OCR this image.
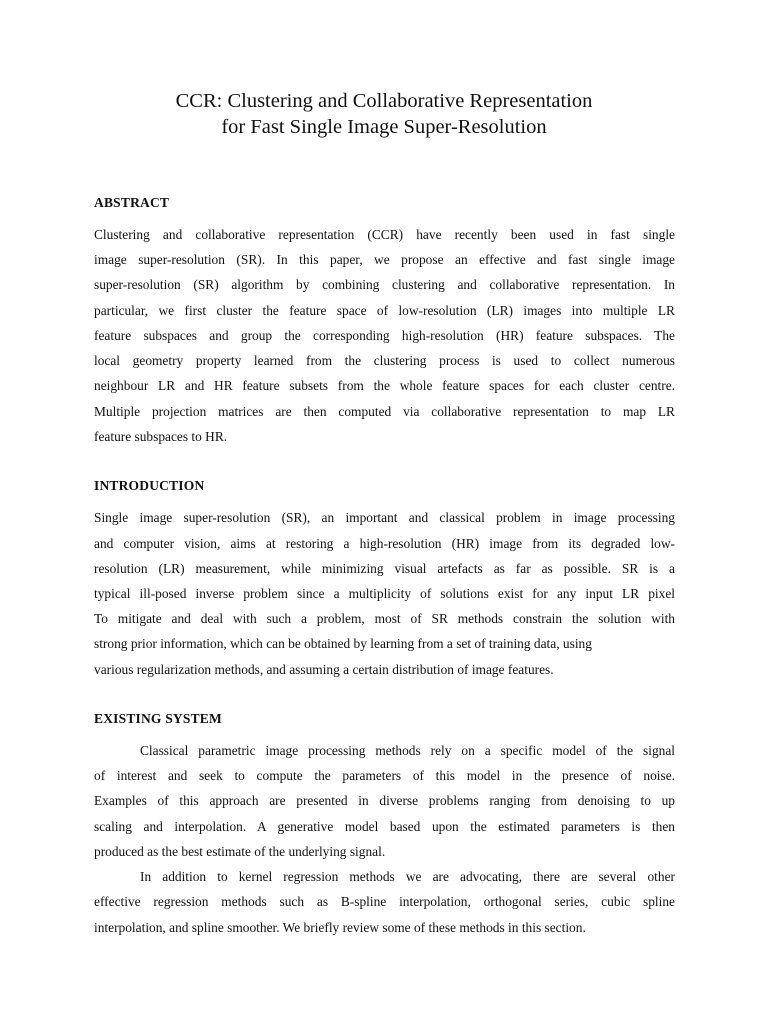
CCR: Clustering and Collaborative Representation
for Fast Single Image Super-Resolution
ABSTRACT
Clustering and collaborative representation (CCR) have recently been used in fast single
image super-resolution (SR). In this paper, we propose an effective and fast single image
super-resolution (SR) algorithm by combining clustering and collaborative representation. In
particular, we first cluster the feature space of low-resolution (LR) images into multiple LR
feature subspaces and group the corresponding high-resolution (HR) feature subspaces. The
local geometry property learned from the clustering process is used to collect numerous
neighbour LR and HR feature subsets from the whole feature spaces for each cluster centre.
Multiple projection matrices are then computed via collaborative representation to map LR
feature subspaces to HR.
INTRODUCTION
Single image super-resolution (SR), an important and classical problem in image processing
and computer vision, aims at restoring a high-resolution (HR) image from its degraded low-
resolution (LR) measurement, while minimizing visual artefacts as far as possible. SR is a
typical ill-posed inverse problem since a multiplicity of solutions exist for any input LR pixel
To mitigate and deal with such a problem, most of SR methods constrain the solution with
strong prior information, which can be obtained by learning from a set of training data, using
various regularization methods, and assuming a certain distribution of image features.
EXISTING SYSTEM
Classical parametric image processing methods rely on a specific model of the signal
of interest and seek to compute the parameters of this model in the presence of noise.
Examples of this approach are presented in diverse problems ranging from denoising to up
scaling and interpolation. A generative model based upon the estimated parameters is then
produced as the best estimate of the underlying signal.
In addition to kernel regression methods we are advocating, there are several other
effective regression methods such as B-spline interpolation, orthogonal series, cubic spline
interpolation, and spline smoother. We briefly review some of these methods in this section.
